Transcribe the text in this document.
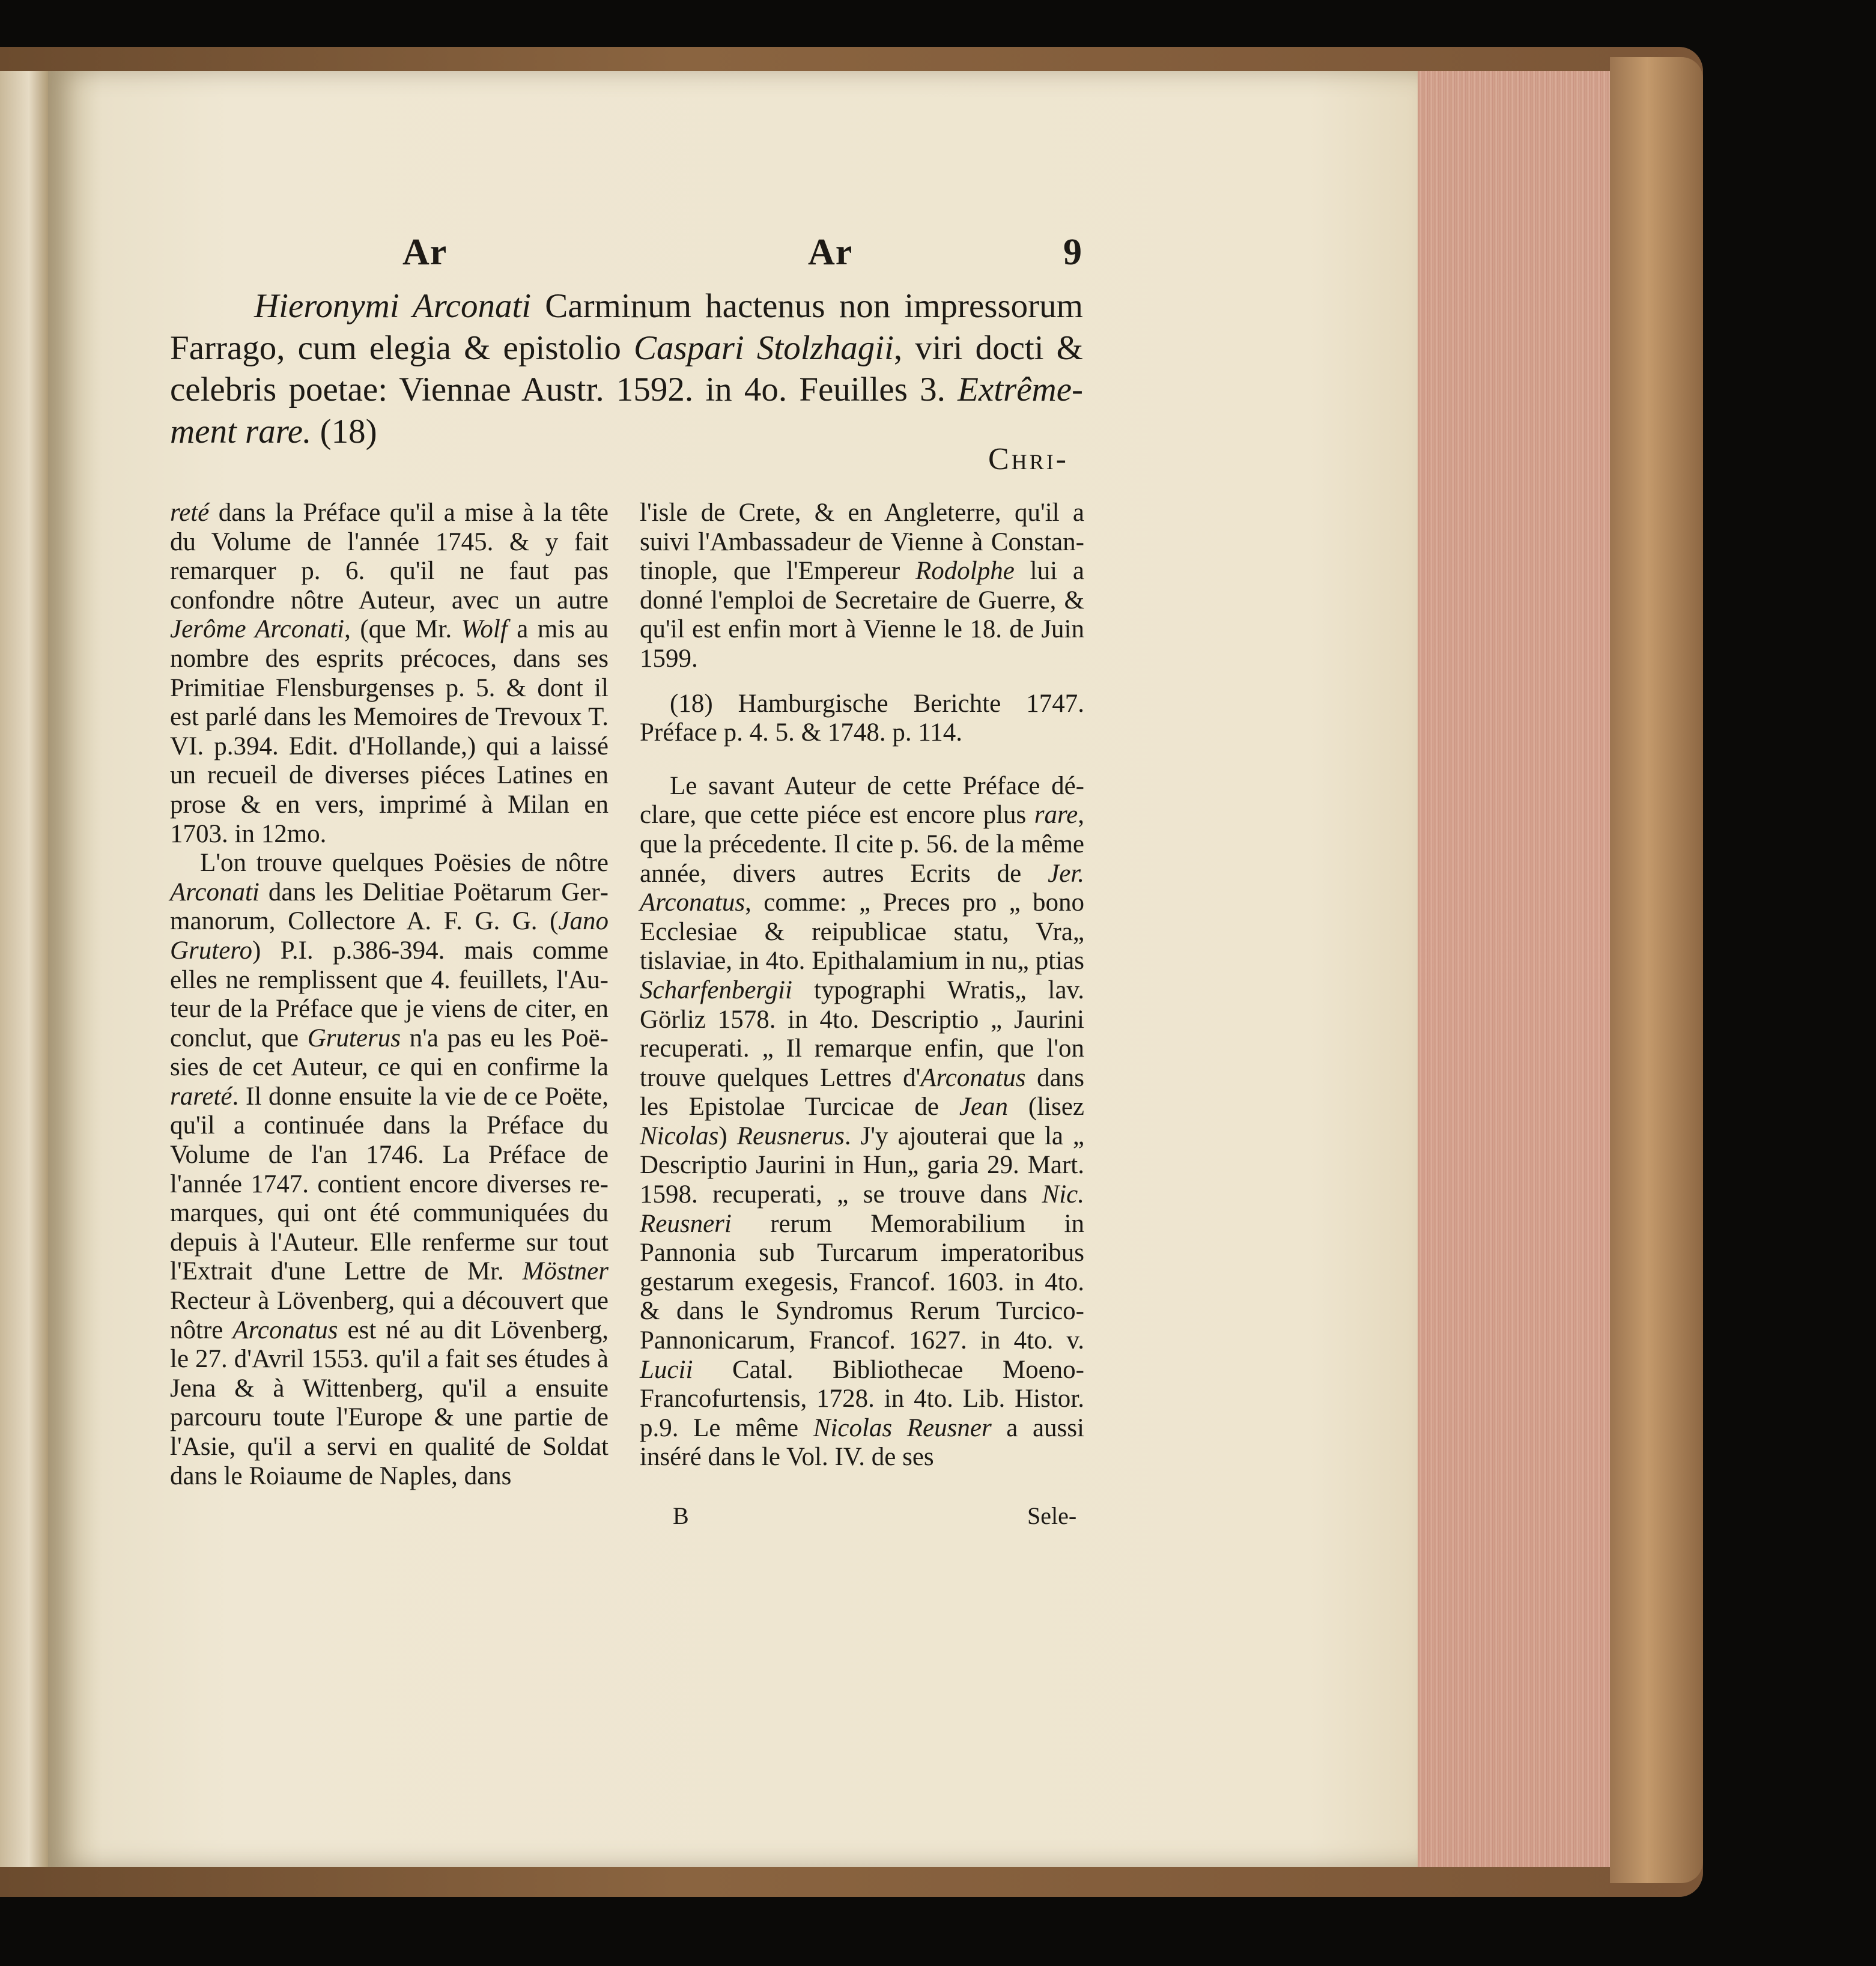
Ar	Ar	9
Hieronymi Arconati Carminum hactenus non impressorum Farrago, cum elegia & epistolio Caspari Stolzhagii, viri docti & celebris poetae: Viennae Austr. 1592. in 4o. Feuilles 3. Extrêmement rare. (18)
Chri-

reté dans la Préface qu'il a mise à la tête du Volume de l'année 1745. & y fait remarquer p. 6. qu'il ne faut pas confondre nôtre Auteur, avec un autre Jerôme Arconati, (que Mr. Wolf a mis au nombre des esprits précoces, dans ses Primitiae Flensburgenses p. 5. & dont il est parlé dans les Memoires de Trevoux T. VI. p.394. Edit. d'Hollande,) qui a laissé un recueil de diverses piéces Latines en prose & en vers, imprimé à Milan en 1703. in 12mo.

L'on trouve quelques Poësies de nôtre Arconati dans les Delitiae Poëtarum Germanorum, Collectore A. F. G. G. (Jano Grutero) P.I. p.386-394. mais comme elles ne remplissent que 4. feuillets, l'Auteur de la Préface que je viens de citer, en conclut, que Gruterus n'a pas eu les Poësies de cet Auteur, ce qui en confirme la rareté. Il donne ensuite la vie de ce Poëte, qu'il a continuée dans la Préface du Volume de l'an 1746. La Préface de l'année 1747. contient encore diverses remarques, qui ont été communiquées du depuis à l'Auteur. Elle renferme sur tout l'Extrait d'une Lettre de Mr. Möstner Recteur à Lövenberg, qui a découvert que nôtre Arconatus est né au dit Lövenberg, le 27. d'Avril 1553. qu'il a fait ses études à Jena & à Wittenberg, qu'il a ensuite parcouru toute l'Europe & une partie de l'Asie, qu'il a servi en qualité de Soldat dans le Roiaume de Naples, dans

l'isle de Crete, & en Angleterre, qu'il a suivi l'Ambassadeur de Vienne à Constantinople, que l'Empereur Rodolphe lui a donné l'emploi de Secretaire de Guerre, & qu'il est enfin mort à Vienne le 18. de Juin 1599.

(18) Hamburgische Berichte 1747. Préface p. 4. 5. & 1748. p. 114.

Le savant Auteur de cette Préface déclare, que cette piéce est encore plus rare, que la précedente. Il cite p. 56. de la même année, divers autres Ecrits de Jer. Arconatus, comme: „ Preces pro „ bono Ecclesiae & reipublicae statu, Vra„ tislaviae, in 4to. Epithalamium in nu„ ptias Scharfenbergii typographi Wratis„ lav. Görliz 1578. in 4to. Descriptio „ Jaurini recuperati. „ Il remarque enfin, que l'on trouve quelques Lettres d'Arconatus dans les Epistolae Turcicae de Jean (lisez Nicolas) Reusnerus. J'y ajouterai que la „ Descriptio Jaurini in Hun„ garia 29. Mart. 1598. recuperati, „ se trouve dans Nic. Reusneri rerum Memorabilium in Pannonia sub Turcarum imperatoribus gestarum exegesis, Francof. 1603. in 4to. & dans le Syndromus Rerum Turcico-Pannonicarum, Francof. 1627. in 4to. v. Lucii Catal. Bibliothecae Moeno-Francofurtensis, 1728. in 4to. Lib. Histor. p.9. Le même Nicolas Reusner a aussi inséré dans le Vol. IV. de ses

B	Sele-
